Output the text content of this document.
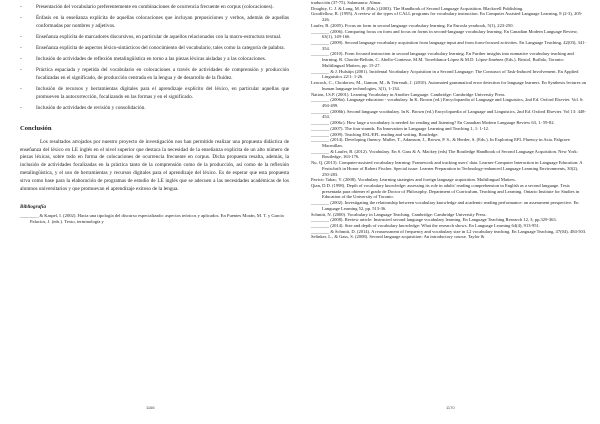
-	Presentación del vocabulario preferentemente en combinaciones de ocurrencia frecuente en corpus (colocaciones).
-	Énfasis en la enseñanza explícita de aquellas colocaciones que incluyan preposiciones y verbos, además de aquellas conformadas por nombres y adjetivos.
-	Enseñanza explícita de marcadores discursivos, en particular de aquellos relacionados con la macro-estructura textual.
-	Enseñanza explícita de aspectos léxico-sintácticos del conocimiento del vocabulario, tales como la categoría de palabra.
-	Inclusión de actividades de reflexión metalingüística en torno a las piezas léxicas aisladas y a las colocaciones.
-	Práctica espaciada y repetida del vocabulario en colocaciones a través de actividades de comprensión y producción focalizadas en el significado, de producción centrada en la lengua y de desarrollo de la fluidez.
-	Inclusión de recursos y herramientas digitales para el aprendizaje explícito del léxico, en particular aquellas que promueven la autocorrección, focalizando en las formas y en el significado.
-	Inclusión de actividades de revisión y consolidación.
Conclusión

Los resultados arrojados por nuestro proyecto de investigación nos han permitido realizar una propuesta didáctica de enseñanza del léxico en LE inglés en el nivel superior que destaca la necesidad de la enseñanza explícita de un alto número de piezas léxicas, sobre todo en forma de colocaciones de ocurrencia frecuente en corpus. Dicha propuesta resalta, además, la inclusión de actividades focalizadas en la práctica tanto de la comprensión como de la producción, así como de la reflexión metalingüística, y el uso de herramientas y recursos digitales para el aprendizaje del léxico. Es de esperar que esta propuesta sirva como base para la elaboración de programas de estudio de LE inglés que se adecuen a las necesidades académicas de los alumnos universitarios y que promuevan el aprendizaje exitoso de la lengua.

Bibliografía

________ & Kaspel, I. (2002). Hacia una tipología del discurso especializado: aspectos teóricos y aplicados. En Fuentes Morán, M. T. y García Palacios, J. (eds.). Texto, terminología y

traducción (37-75). Salamanca: Almar.

Doughty, C. J. & Long, M. H. (Eds.) (2003). The Handbook of Second Language Acquisition. Blackwell Publishing.

Goodfellow, R. (1995). A review of the types of CALL programs for vocabulary instruction. En Computer Assisted Language Learning, 8 (2-3), 205-226.

Laufer, B. (2005). Focus on form in second language vocabulary learning. En Eurosla yearbook, 5(1), 223-250.

________ (2006). Comparing focus on form and focus on forms in second-language vocabulary learning. En Canadian Modern Language Review, 63(1), 149-166.

________ (2009). Second language vocabulary acquisition from language input and from form-focused activities. En Language Teaching, 42(03), 341-354.

________ (2010). Form focused instruction in second language vocabulary learning. En Further insights into nonnative vocabulary teaching and learning. R. Chacón-Beltrán, C. Abello-Contesse, M.M. Torreblanca-López & M.D. López-Jiménez (Eds.). Bristol, Buffalo, Toronto: Multilingual Matters, pp. 15-27.

________ & J. Hulstijn (2001). Incidental Vocabulary Acquisition in a Second Language: The Construct of Task-Induced Involvement. En Applied Linguistics 22/1: 1-26.

Leacock, C., Chodorow, M., Gamon, M., & Tetreault, J. (2010). Automated grammatical error detection for language learners. En Synthesis lectures on human language technologies, 3(1), 1-134.

Nation, I.S.P. (2001). Learning Vocabulary in Another Language. Cambridge: Cambridge University Press.

________ (2006a). Language education - vocabulary. In K. Brown (ed.) Encyclopaedia of Language and Linguistics, 2nd Ed. Oxford Elsevier. Vol. 6: 494-499.

________ (2006b). Second language vocabulary. In K. Brown (ed.) Encyclopaedia of Language and Linguistics, 2nd Ed. Oxford Elsevier. Vol 13: 448-454.

________ (2006c). How large a vocabulary is needed for reading and listening? En Canadian Modern Language Review 63, 1: 59-82.

________ (2007). The four strands. En Innovation in Language Learning and Teaching 1, 1: 1-12.

________ (2009). Teaching ESL/EFL reading and writing. Routledge.

________ (2014). Developing fluency. Muller, T., Adamson, J., Brown, P. S., & Herder, S. (Eds.). In Exploring EFL Fluency in Asia. Palgrave Macmillan.

________ & Laufer, B. (2012). Vocabulary. En S. Gass & A. Mackey (eds) The Routledge Handbook of Second Language Acquisition. New York: Routledge, 163-176.

Nu, Q. (2013). Computer-assisted vocabulary learning: Framework and tracking users' data. Learner-Computer Interaction in Language Education: A Festschrift in Honor of Robert Fischer. Special issue: Learner Preparation in Technology-enhanced Language Learning Environments, 30(2), 250-283.

Pavicic Takac, V. (2008). Vocabulary Learning strategies and foreign language acquisition. Multilingual Matters.

Qian, D.D. (1998). Depth of vocabulary knowledge: assessing its role in adults' reading comprehension in English as a second language. Tesis presentada para obtener el grado de Doctor of Philosophy, Department of Curriculum, Teaching and Learning. Ontario Institute for Studies in Education of the University of Toronto.

________ (2002). Investigating the relationship between vocabulary knowledge and academic reading performance: an assessment perspective. En Language Learning 52, pp. 513-36.

Schmitt, N. (2000). Vocabulary in Language Teaching. Cambridge: Cambridge University Press.

________ (2008). Review article: Instructed second language vocabulary learning. En Language Teaching Research 12, 3; pp.329-363.

________ (2014). Size and depth of vocabulary knowledge: What the research shows. En Language Learning 64(4), 913-951.

________ & Schmitt, D. (2014). A reassessment of frequency and vocabulary size in L2 vocabulary teaching. En Language Teaching, 47(04), 484-503.

Selinker, L., & Gass, S. (2008). Second language acquisition: An introductory course. Taylor &

1166	1170
